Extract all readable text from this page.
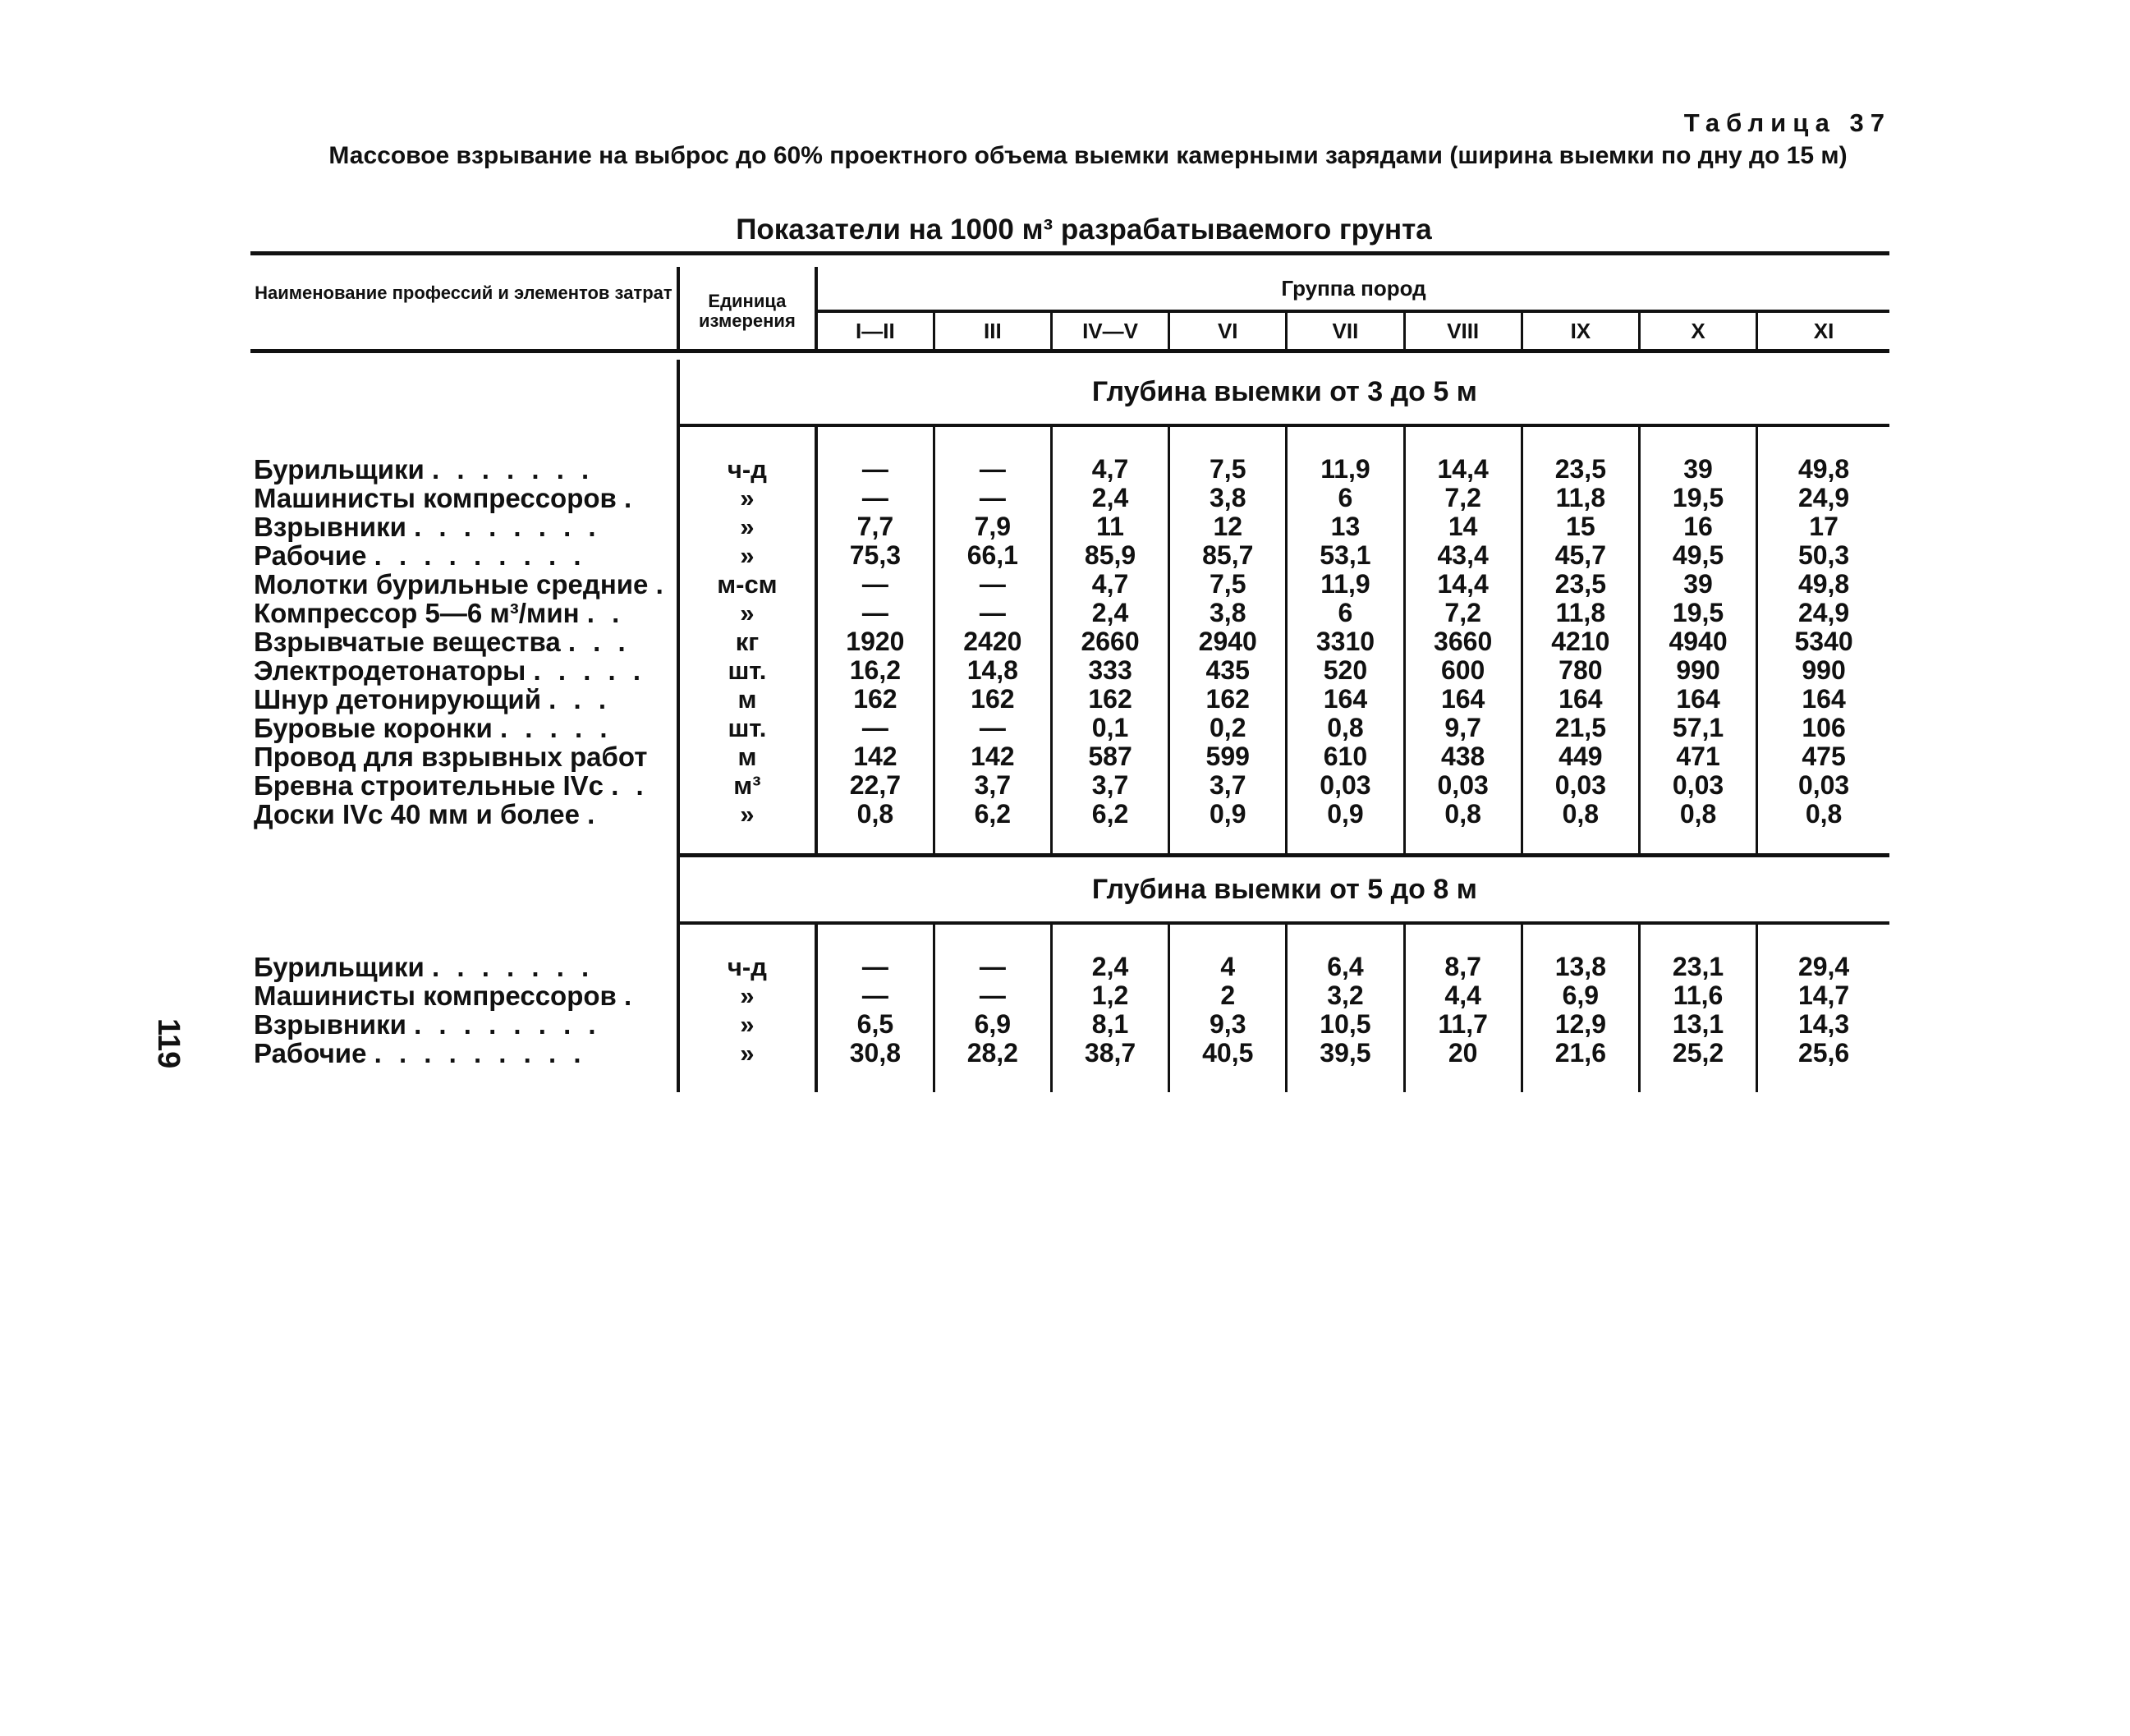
Таблица 37
Массовое взрывание на выброс до 60% проектного объема выемки камерными зарядами (ширина выемки по дну до 15 м)
Показатели на 1000 м³ разрабатываемого грунта
119

Наименование профессий и элементов затрат	Единица измерения	Группа пород								
		I—II	III	IV—V	VI	VII	VIII	IX	X	XI

	Глубина выемки от 3 до 5 м									

Бурильщики . . . . . . .	ч-д	—	—	4,7	7,5	11,9	14,4	23,5	39	49,8
Машинисты компрессоров .	»	—	—	2,4	3,8	6	7,2	11,8	19,5	24,9
Взрывники . . . . . . . .	»	7,7	7,9	11	12	13	14	15	16	17
Рабочие . . . . . . . . .	»	75,3	66,1	85,9	85,7	53,1	43,4	45,7	49,5	50,3
Молотки бурильные средние .	м-см	—	—	4,7	7,5	11,9	14,4	23,5	39	49,8
Компрессор 5—6 м³/мин . .	»	—	—	2,4	3,8	6	7,2	11,8	19,5	24,9
Взрывчатые вещества . . .	кг	1920	2420	2660	2940	3310	3660	4210	4940	5340
Электродетонаторы . . . . .	шт.	16,2	14,8	333	435	520	600	780	990	990
Шнур детонирующий . . .	м	162	162	162	162	164	164	164	164	164
Буровые коронки . . . . .	шт.	—	—	0,1	0,2	0,8	9,7	21,5	57,1	106
Провод для взрывных работ	м	142	142	587	599	610	438	449	471	475
Бревна строительные IVс . .	м³	22,7	3,7	3,7	3,7	0,03	0,03	0,03	0,03	0,03
Доски IVс 40 мм и более .	»	0,8	6,2	6,2	0,9	0,9	0,8	0,8	0,8	0,8

	Глубина выемки от 5 до 8 м									

Бурильщики . . . . . . .	ч-д	—	—	2,4	4	6,4	8,7	13,8	23,1	29,4
Машинисты компрессоров .	»	—	—	1,2	2	3,2	4,4	6,9	11,6	14,7
Взрывники . . . . . . . .	»	6,5	6,9	8,1	9,3	10,5	11,7	12,9	13,1	14,3
Рабочие . . . . . . . . .	»	30,8	28,2	38,7	40,5	39,5	20	21,6	25,2	25,6
